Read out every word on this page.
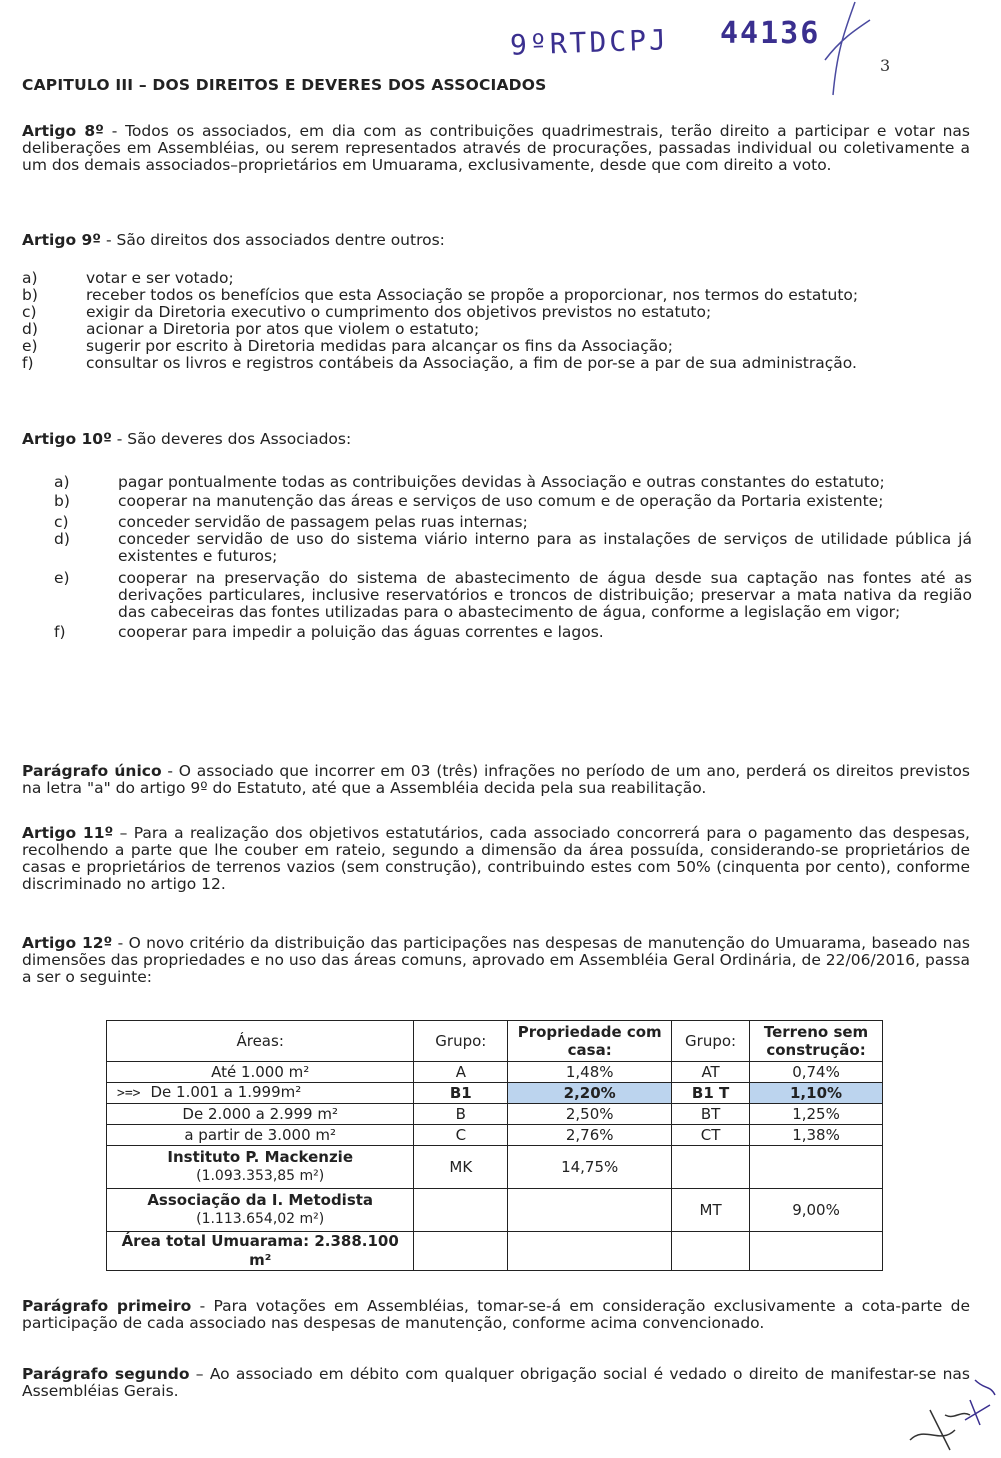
9ºRTDCPJ 44136
3
CAPITULO III – DOS DIREITOS E DEVERES DOS ASSOCIADOS
Artigo 8º - Todos os associados, em dia com as contribuições quadrimestrais, terão direito a participar e votar nas deliberações em Assembléias, ou serem representados através de procurações, passadas individual ou coletivamente a um dos demais associados–proprietários em Umuarama, exclusivamente, desde que com direito a voto.
Artigo 9º - São direitos dos associados dentre outros:
a)	votar e ser votado;
b)	receber todos os benefícios que esta Associação se propõe a proporcionar, nos termos do estatuto;
c)	exigir da Diretoria executivo o cumprimento dos objetivos previstos no estatuto;
d)	acionar a Diretoria por atos que violem o estatuto;
e)	sugerir por escrito à Diretoria medidas para alcançar os fins da Associação;
f)	consultar os livros e registros contábeis da Associação, a fim de por-se a par de sua administração.
Artigo 10º - São deveres dos Associados:
a)	pagar pontualmente todas as contribuições devidas à Associação e outras constantes do estatuto;
b)	cooperar na manutenção das áreas e serviços de uso comum e de operação da Portaria existente;
c)	conceder servidão de passagem pelas ruas internas;
d)	conceder servidão de uso do sistema viário interno para as instalações de serviços de utilidade pública já existentes e futuros;
e)	cooperar na preservação do sistema de abastecimento de água desde sua captação nas fontes até as derivações particulares, inclusive reservatórios e troncos de distribuição; preservar a mata nativa da região das cabeceiras das fontes utilizadas para o abastecimento de água, conforme a legislação em vigor;
f)	cooperar para impedir a poluição das águas correntes e lagos.
Parágrafo único - O associado que incorrer em 03 (três) infrações no período de um ano, perderá os direitos previstos na letra "a" do artigo 9º do Estatuto, até que a Assembléia decida pela sua reabilitação.
Artigo 11º – Para a realização dos objetivos estatutários, cada associado concorrerá para o pagamento das despesas, recolhendo a parte que lhe couber em rateio, segundo a dimensão da área possuída, considerando-se proprietários de casas e proprietários de terrenos vazios (sem construção), contribuindo estes com 50% (cinquenta por cento), conforme discriminado no artigo 12.
Artigo 12º - O novo critério da distribuição das participações nas despesas de manutenção do Umuarama, baseado nas dimensões das propriedades e no uso das áreas comuns, aprovado em Assembléia Geral Ordinária, de 22/06/2016, passa a ser o seguinte:
Áreas:	Grupo:	Propriedade com casa:	Grupo:	Terreno sem construção:
Até 1.000 m²	A	1,48%	AT	0,74%
>=> De 1.001 a 1.999m²	B1	2,20%	B1 T	1,10%
De 2.000 a 2.999 m²	B	2,50%	BT	1,25%
a partir de 3.000 m²	C	2,76%	CT	1,38%

Instituto P. Mackenzie
(1.093.353,85 m²)	MK	14,75%		

Associação da I. Metodista
(1.113.654,02 m²)			MT	9,00%
Área total Umuarama: 2.388.100 m²				
Parágrafo primeiro - Para votações em Assembléias, tomar-se-á em consideração exclusivamente a cota-parte de participação de cada associado nas despesas de manutenção, conforme acima convencionado.
Parágrafo segundo – Ao associado em débito com qualquer obrigação social é vedado o direito de manifestar-se nas Assembléias Gerais.
